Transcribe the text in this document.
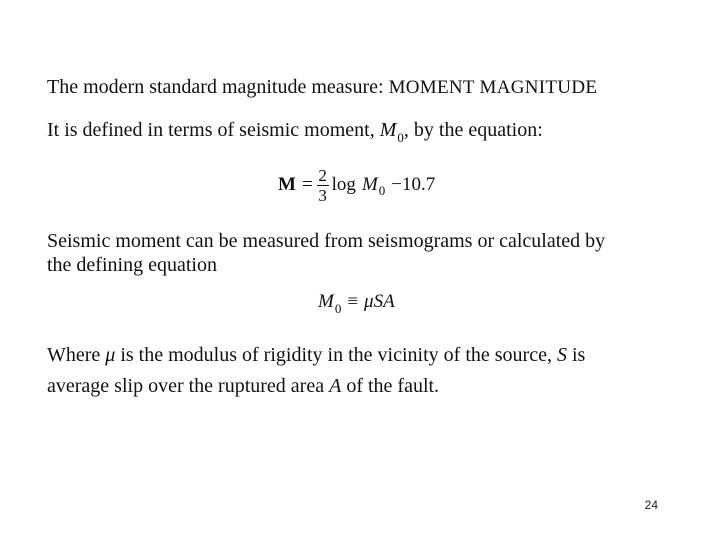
The modern standard magnitude measure: MOMENT MAGNITUDE
It is defined in terms of seismic moment, $M_0$, by the equation:
$M = \frac{2}{3}$ log M 0 −10.7
Seismic moment can be measured from seismograms or calculated by
the defining equation
$M_0 \equiv \mu SA$
Where μ is the modulus of rigidity in the vicinity of the source, S is
average slip over the ruptured area A of the fault.
24
